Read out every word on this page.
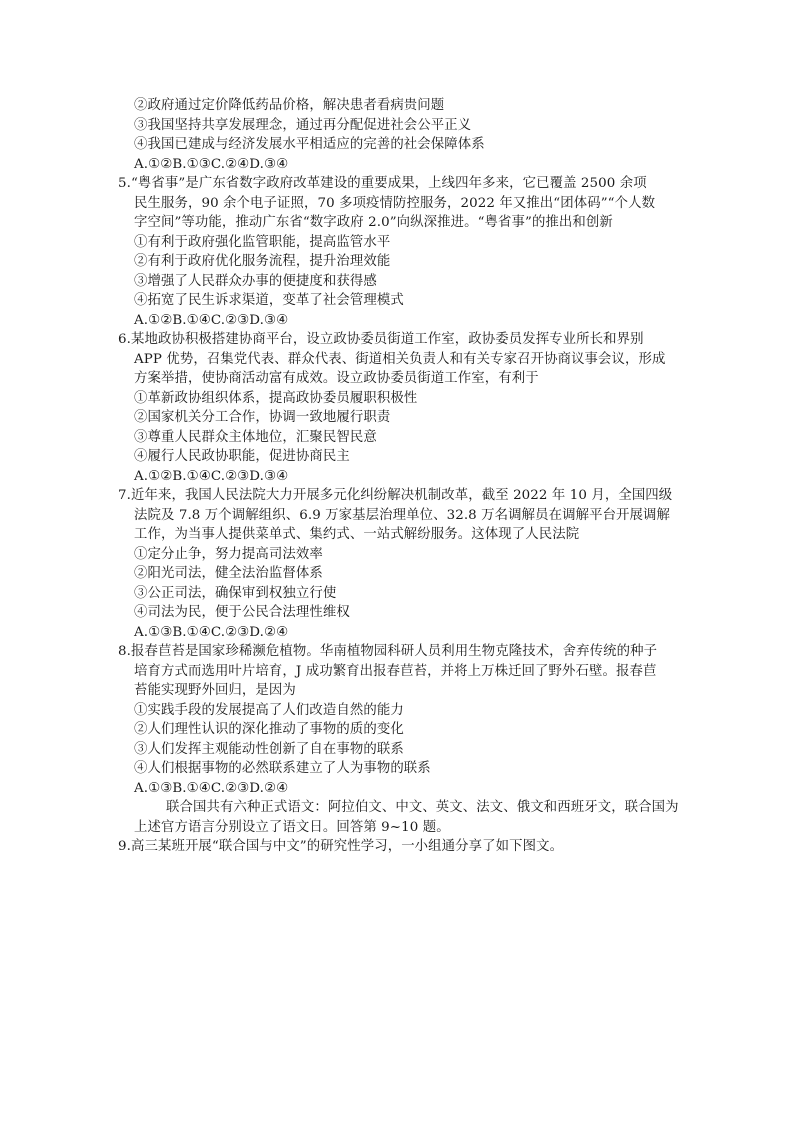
②政府通过定价降低药品价格，解决患者看病贵问题
③我国坚持共享发展理念，通过再分配促进社会公平正义
④我国已建成与经济发展水平相适应的完善的社会保障体系
A.①②B.①③C.②④D.③④
5.“粤省事”是广东省数字政府改革建设的重要成果，上线四年多来，它已覆盖 2500 余项
民生服务，90 余个电子证照，70 多项疫情防控服务，2022 年又推出“团体码”“个人数
字空间”等功能，推动广东省“数字政府 2.0”向纵深推进。“粤省事”的推出和创新
①有利于政府强化监管职能，提高监管水平
②有利于政府优化服务流程，提升治理效能
③增强了人民群众办事的便捷度和获得感
④拓宽了民生诉求渠道，变革了社会管理模式
A.①②B.①④C.②③D.③④
6.某地政协积极搭建协商平台，设立政协委员街道工作室，政协委员发挥专业所长和界别
APP 优势，召集党代表、群众代表、街道相关负责人和有关专家召开协商议事会议，形成
方案举措，使协商活动富有成效。设立政协委员街道工作室，有利于
①革新政协组织体系，提高政协委员履职积极性
②国家机关分工合作，协调一致地履行职责
③尊重人民群众主体地位，汇聚民智民意
④履行人民政协职能，促进协商民主
A.①②B.①④C.②③D.③④
7.近年来，我国人民法院大力开展多元化纠纷解决机制改革，截至 2022 年 10 月，全国四级
法院及 7.8 万个调解组织、6.9 万家基层治理单位、32.8 万名调解员在调解平台开展调解
工作，为当事人提供菜单式、集约式、一站式解纷服务。这体现了人民法院
①定分止争，努力提高司法效率
②阳光司法，健全法治监督体系
③公正司法，确保审到权独立行使
④司法为民，便于公民合法理性维权
A.①③B.①④C.②③D.②④
8.报春苣苔是国家珍稀濒危植物。华南植物园科研人员利用生物克隆技术，舍弃传统的种子
培育方式而选用叶片培育，J 成功繁育出报春苣苔，并将上万株迁回了野外石壁。报春苣
苔能实现野外回归，是因为
①实践手段的发展提高了人们改造自然的能力
②人们理性认识的深化推动了事物的质的变化
③人们发挥主观能动性创新了自在事物的联系
④人们根据事物的必然联系建立了人为事物的联系
A.①③B.①④C.②③D.②④
联合国共有六种正式语文：阿拉伯文、中文、英文、法文、俄文和西班牙文，联合国为
上述官方语言分别设立了语文日。回答第 9~10 题。
9.高三某班开展“联合国与中文”的研究性学习，一小组通分享了如下图文。
